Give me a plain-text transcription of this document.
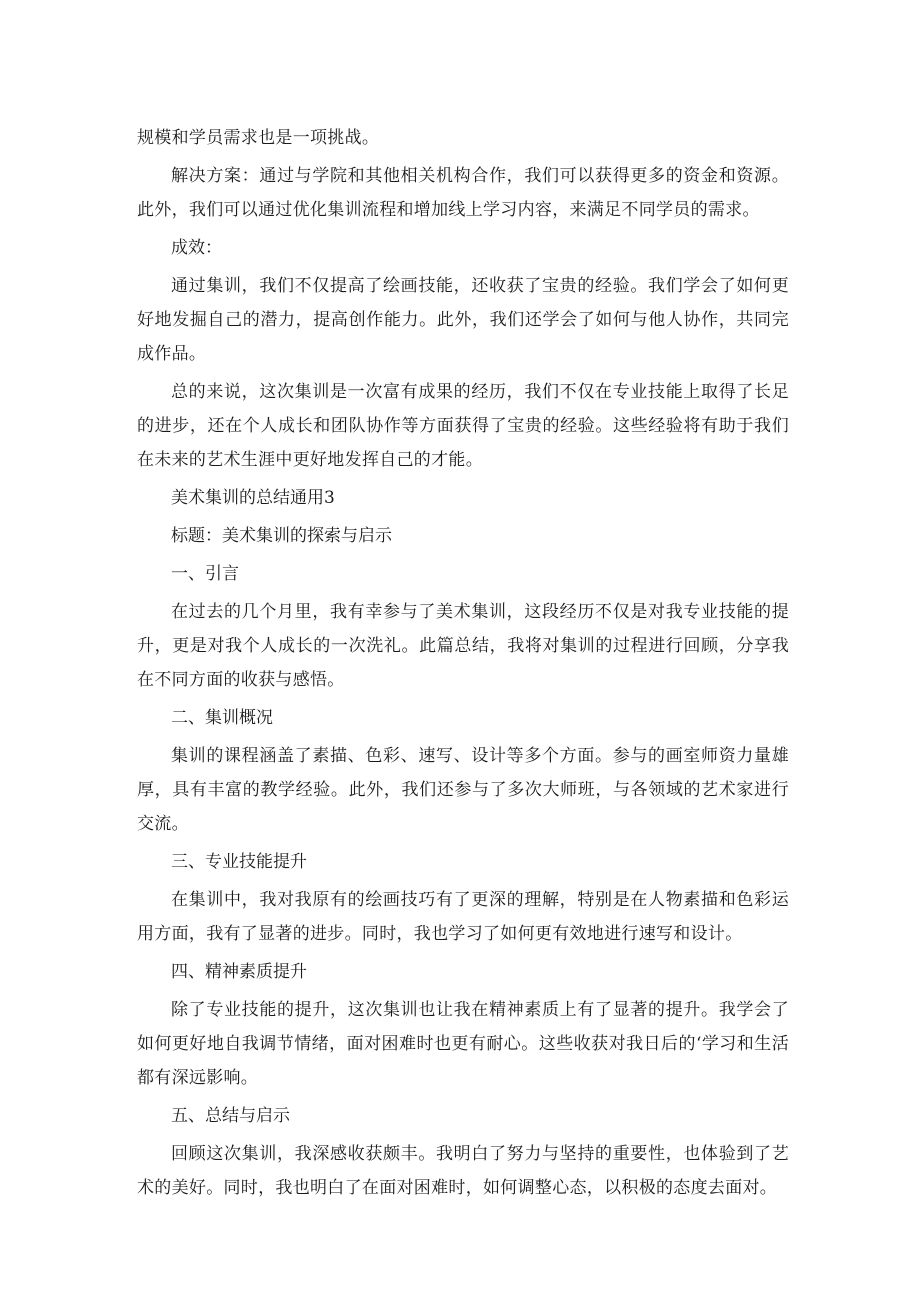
规模和学员需求也是一项挑战。

解决方案：通过与学院和其他相关机构合作，我们可以获得更多的资金和资源。此外，我们可以通过优化集训流程和增加线上学习内容，来满足不同学员的需求。

成效：

通过集训，我们不仅提高了绘画技能，还收获了宝贵的经验。我们学会了如何更好地发掘自己的潜力，提高创作能力。此外，我们还学会了如何与他人协作，共同完成作品。

总的来说，这次集训是一次富有成果的经历，我们不仅在专业技能上取得了长足的进步，还在个人成长和团队协作等方面获得了宝贵的经验。这些经验将有助于我们在未来的艺术生涯中更好地发挥自己的才能。

美术集训的总结通用3

标题：美术集训的探索与启示

一、引言

在过去的几个月里，我有幸参与了美术集训，这段经历不仅是对我专业技能的提升，更是对我个人成长的一次洗礼。此篇总结，我将对集训的过程进行回顾，分享我在不同方面的收获与感悟。

二、集训概况

集训的课程涵盖了素描、色彩、速写、设计等多个方面。参与的画室师资力量雄厚，具有丰富的教学经验。此外，我们还参与了多次大师班，与各领域的艺术家进行交流。

三、专业技能提升

在集训中，我对我原有的绘画技巧有了更深的理解，特别是在人物素描和色彩运用方面，我有了显著的进步。同时，我也学习了如何更有效地进行速写和设计。

四、精神素质提升

除了专业技能的提升，这次集训也让我在精神素质上有了显著的提升。我学会了如何更好地自我调节情绪，面对困难时也更有耐心。这些收获对我日后的‘学习和生活都有深远影响。

五、总结与启示

回顾这次集训，我深感收获颇丰。我明白了努力与坚持的重要性，也体验到了艺术的美好。同时，我也明白了在面对困难时，如何调整心态，以积极的态度去面对。
